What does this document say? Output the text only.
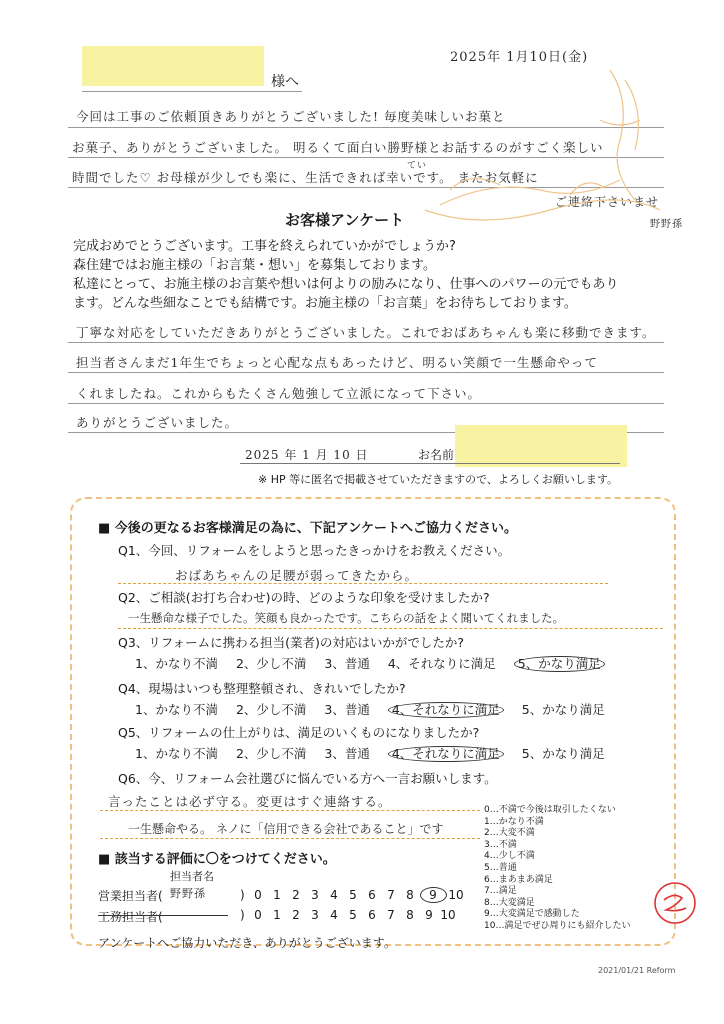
2025年 1月10日(金)
様へ
今回は工事のご依頼頂きありがとうございました! 毎度美味しいお菓と
お菓子、ありがとうございました。 明るくて面白い勝野様とお話するのがすごく楽しい
てい
時間でした♡ お母様が少しでも楽に、生活できれば幸いです。 またお気軽に
ご連絡下さいませ
野野孫
お客様アンケート
完成おめでとうございます。工事を終えられていかがでしょうか?
森住建ではお施主様の「お言葉・想い」を募集しております。
私達にとって、お施主様のお言葉や想いは何よりの励みになり、仕事へのパワーの元でもあり
ます。どんな些細なことでも結構です。お施主様の「お言葉」をお待ちしております。
丁寧な対応をしていただきありがとうございました。これでおばあちゃんも楽に移動できます。
担当者さんまだ1年生でちょっと心配な点もあったけど、明るい笑顔で一生懸命やって
くれましたね。これからもたくさん勉強して立派になって下さい。
ありがとうございました。
2025 年 1 月 10 日	お名前
※ HP 等に匿名で掲載させていただきますので、よろしくお願いします。
■ 今後の更なるお客様満足の為に、下記アンケートへご協力ください。
Q1、今回、リフォームをしようと思ったきっかけをお教えください。
おばあちゃんの足腰が弱ってきたから。
Q2、ご相談(お打ち合わせ)の時、どのような印象を受けましたか?
一生懸命な様子でした。笑顔も良かったです。こちらの話をよく聞いてくれました。
Q3、リフォームに携わる担当(業者)の対応はいかがでしたか?
1、かなり不満 2、少し不満 3、普通 4、それなりに満足 5、かなり満足
Q4、現場はいつも整理整頓され、きれいでしたか?
1、かなり不満 2、少し不満 3、普通 4、それなりに満足 5、かなり満足
Q5、リフォームの仕上がりは、満足のいくものになりましたか?
1、かなり不満 2、少し不満 3、普通 4、それなりに満足 5、かなり満足
Q6、今、リフォーム会社選びに悩んでいる方へ一言お願いします。
言ったことは必ず守る。変更はすぐ連絡する。
一生懸命やる。 ネノに「信用できる会社であること」です
0…不満で今後は取引したくない
1…かなり不満
2…大変不満
3…不満
4…少し不満
5…普通
6…まあまあ満足
7…満足
8…大変満足
9…大変満足で感動した
10…満足でぜひ周りにも紹介したい
■ 該当する評価に〇をつけてください。
担当者名
営業担当者( 野野孫	) 0 1 2 3 4 5 6 7 8 9 10
工務担当者(	) 0 1 2 3 4 5 6 7 8 9 10
アンケートへご協力いただき、ありがとうございます。
2021/01/21 Reform
